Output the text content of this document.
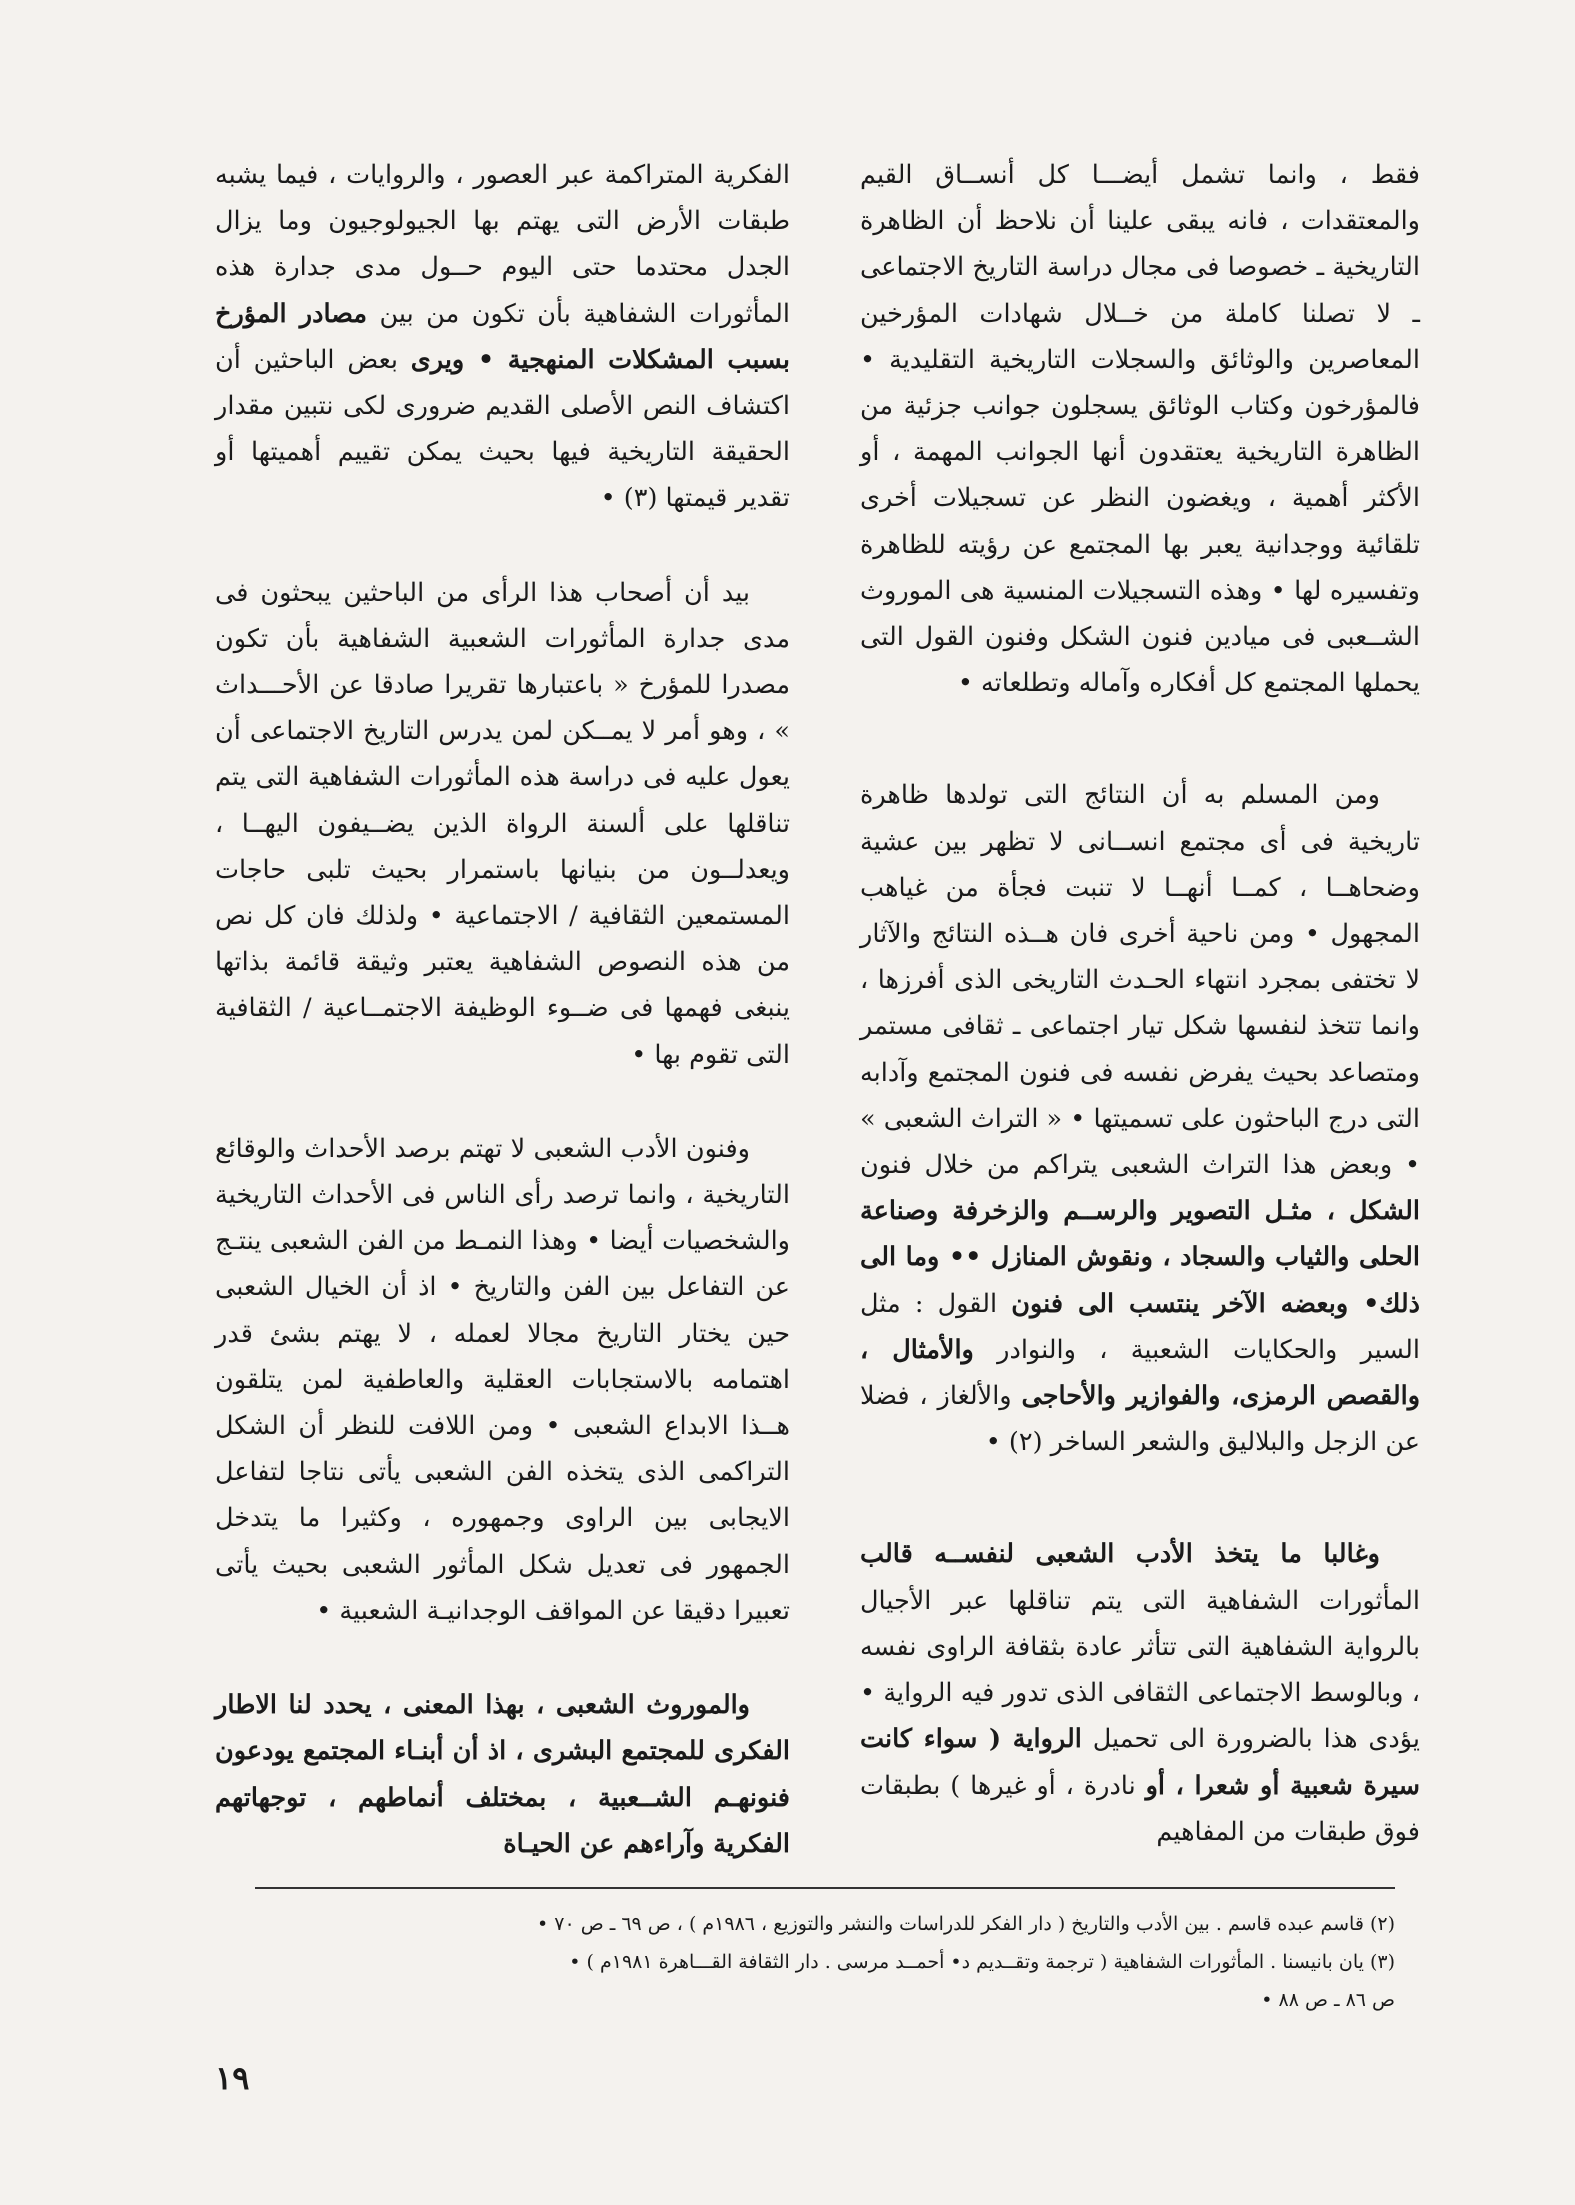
فقط ، وانما تشمل أيضـــا كل أنســاق القيم والمعتقدات ، فانه يبقى علينا أن نلاحظ أن الظاهرة التاريخية ـ خصوصا فى مجال دراسة التاريخ الاجتماعى ـ لا تصلنا كاملة من خــلال شهادات المؤرخين المعاصرين والوثائق والسجلات التاريخية التقليدية • فالمؤرخون وكتاب الوثائق يسجلون جوانب جزئية من الظاهرة التاريخية يعتقدون أنها الجوانب المهمة ، أو الأكثر أهمية ، ويغضون النظر عن تسجيلات أخرى تلقائية ووجدانية يعبر بها المجتمع عن رؤيته للظاهرة وتفسيره لها • وهذه التسجيلات المنسية هى الموروث الشــعبى فى ميادين فنون الشكل وفنون القول التى يحملها المجتمع كل أفكاره وآماله وتطلعاته •

ومن المسلم به أن النتائج التى تولدها ظاهرة تاريخية فى أى مجتمع انســانى لا تظهر بين عشية وضحاهــا ، كمــا أنهــا لا تنبت فجأة من غياهب المجهول • ومن ناحية أخرى فان هــذه النتائج والآثار لا تختفى بمجرد انتهاء الحـدث التاريخى الذى أفرزها ، وانما تتخذ لنفسها شكل تيار اجتماعى ـ ثقافى مستمر ومتصاعد بحيث يفرض نفسه فى فنون المجتمع وآدابه التى درج الباحثون على تسميتها • « التراث الشعبى » • وبعض هذا التراث الشعبى يتراكم من خلال فنون الشكل ، مثـل التصوير والرســم والزخرفة وصناعة الحلى والثياب والسجاد ، ونقوش المنازل •• وما الى ذلك• وبعضه الآخر ينتسب الى فنون القول : مثل السير والحكايات الشعبية ، والنوادر والأمثال ، والقصص الرمزى، والفوازير والأحاجى والألغاز ، فضلا عن الزجل والبلاليق والشعر الساخر (٢) •

وغالبا ما يتخذ الأدب الشعبى لنفســه قالب المأثورات الشفاهية التى يتم تناقلها عبر الأجيال بالرواية الشفاهية التى تتأثر عادة بثقافة الراوى نفسه ، وبالوسط الاجتماعى الثقافى الذى تدور فيه الرواية • يؤدى هذا بالضرورة الى تحميل الرواية ( سواء كانت سيرة شعبية أو شعرا ، أو نادرة ، أو غيرها ) بطبقات فوق طبقات من المفاهيم

الفكرية المتراكمة عبر العصور ، والروايات ، فيما يشبه طبقات الأرض التى يهتم بها الجيولوجيون وما يزال الجدل محتدما حتى اليوم حــول مدى جدارة هذه المأثورات الشفاهية بأن تكون من بين مصادر المؤرخ بسبب المشكلات المنهجية • ويرى بعض الباحثين أن اكتشاف النص الأصلى القديم ضرورى لكى نتبين مقدار الحقيقة التاريخية فيها بحيث يمكن تقييم أهميتها أو تقدير قيمتها (٣) •

بيد أن أصحاب هذا الرأى من الباحثين يبحثون فى مدى جدارة المأثورات الشعبية الشفاهية بأن تكون مصدرا للمؤرخ « باعتبارها تقريرا صادقا عن الأحـــداث » ، وهو أمر لا يمــكن لمن يدرس التاريخ الاجتماعى أن يعول عليه فى دراسة هذه المأثورات الشفاهية التى يتم تناقلها على ألسنة الرواة الذين يضــيفون اليهــا ، ويعدلــون من بنيانها باستمرار بحيث تلبى حاجات المستمعين الثقافية / الاجتماعية • ولذلك فان كل نص من هذه النصوص الشفاهية يعتبر وثيقة قائمة بذاتها ينبغى فهمها فى ضــوء الوظيفة الاجتمــاعية / الثقافية التى تقوم بها •

وفنون الأدب الشعبى لا تهتم برصد الأحداث والوقائع التاريخية ، وانما ترصد رأى الناس فى الأحداث التاريخية والشخصيات أيضا • وهذا النمـط من الفن الشعبى ينتـج عن التفاعل بين الفن والتاريخ • اذ أن الخيال الشعبى حين يختار التاريخ مجالا لعمله ، لا يهتم بشئ قدر اهتمامه بالاستجابات العقلية والعاطفية لمن يتلقون هــذا الابداع الشعبى • ومن اللافت للنظر أن الشكل التراكمى الذى يتخذه الفن الشعبى يأتى نتاجا لتفاعل الايجابى بين الراوى وجمهوره ، وكثيرا ما يتدخل الجمهور فى تعديل شكل المأثور الشعبى بحيث يأتى تعبيرا دقيقا عن المواقف الوجدانيـة الشعبية •

والموروث الشعبى ، بهذا المعنى ، يحدد لنا الاطار الفكرى للمجتمع البشرى ، اذ أن أبنـاء المجتمع يودعون فنونهـم الشــعبية ، بمختلف أنماطهم ، توجهاتهم الفكرية وآراءهم عن الحيـاة

(٢) قاسم عبده قاسم . بين الأدب والتاريخ ( دار الفكر للدراسات والنشر والتوزيع ، ١٩٨٦م ) ، ص ٦٩ ـ ص ٧٠ •

(٣) يان بانيسنا . المأثورات الشفاهية ( ترجمة وتقــديم د• أحمــد مرسى . دار الثقافة القـــاهرة ١٩٨١م ) •

ص ٨٦ ـ ص ٨٨ •

١٩
